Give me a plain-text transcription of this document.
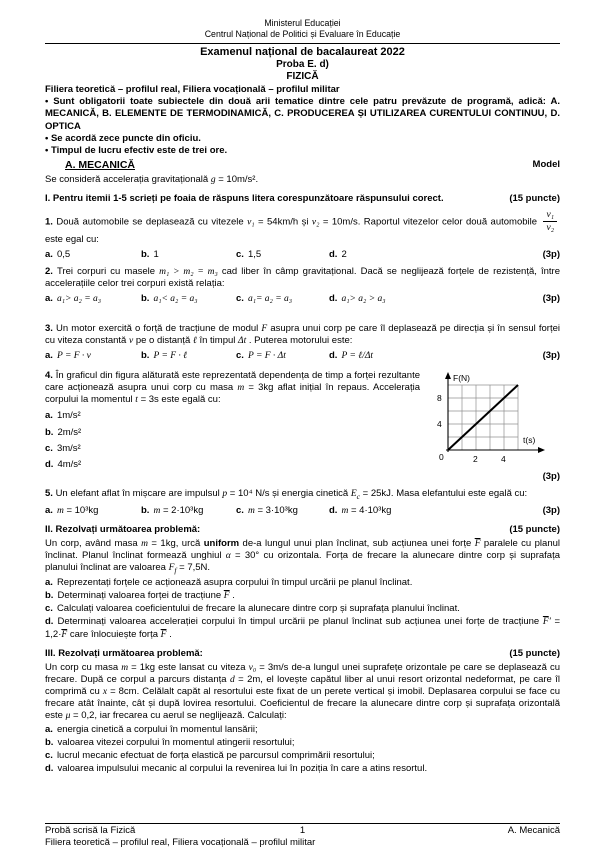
Ministerul Educației
Centrul Național de Politici și Evaluare în Educație
Examenul național de bacalaureat 2022
Proba E. d)
FIZICĂ
Filiera teoretică – profilul real, Filiera vocațională – profilul militar
• Sunt obligatorii toate subiectele din două arii tematice dintre cele patru prevăzute de programă, adică: A. MECANICĂ, B. ELEMENTE DE TERMODINAMICĂ, C. PRODUCEREA ȘI UTILIZAREA CURENTULUI CONTINUU, D. OPTICA
• Se acordă zece puncte din oficiu.
• Timpul de lucru efectiv este de trei ore.
A. MECANICĂ	Model
Se consideră accelerația gravitațională g = 10m/s².
I. Pentru itemii 1-5 scrieți pe foaia de răspuns litera corespunzătoare răspunsului corect.	(15 puncte)
1. Două automobile se deplasează cu vitezele v₁ = 54km/h și v₂ = 10m/s. Raportul vitezelor celor două automobile $\frac{\text{v₁}}{\text{v₂}}$
este egal cu:
a. 0,5	b. 1	c. 1,5	d. 2	(3p)
2. Trei corpuri cu masele m₁ > m₂ = m₃ cad liber în câmp gravitațional. Dacă se neglijează forțele de rezistență, între accelerațiile celor trei corpuri există relația:
a. a₁> a₂ = a₃	b. a₁< a₂ = a₃	c. a₁= a₂ = a₃	d. a₁> a₂ > a₃	(3p)
3. Un motor exercită o forță de tracțiune de modul F asupra unui corp pe care îl deplasează pe direcția și în sensul forței cu viteza constantă v pe o distanță ℓ în timpul Δt . Puterea motorului este:
a. P = F · v	b. P = F · ℓ	c. P = F · Δt	d. P = ℓ/Δt	(3p)
4. În graficul din figura alăturată este reprezentată dependența de timp a forței rezultante care acționează asupra unui corp cu masa m = 3kg aflat inițial în repaus. Accelerația corpului la momentul t = 3s este egală cu:
a. 1m/s²
b. 2m/s²
c. 3m/s²
d. 4m/s²
F(N)
t(s)
0	2	4
4
8
(3p)
5. Un elefant aflat în mișcare are impulsul p = 10⁴ N/s și energia cinetică $E_c = 25kJ$. Masa elefantului este egală cu:
a. m = 10³kg	b. m = 2·10³kg	c. m = 3·10³kg	d. m = 4·10³kg	(3p)
II. Rezolvați următoarea problemă:	(15 puncte)
Un corp, având masa m = 1kg, urcă uniform de-a lungul unui plan înclinat, sub acțiunea unei forțe $\overline{F}$ paralele cu planul înclinat. Planul înclinat formează unghiul α = 30° cu orizontala. Forța de frecare la alunecare dintre corp și suprafața planului înclinat are valoarea $F_f = 7,5N$.
a. Reprezentați forțele ce acționează asupra corpului în timpul urcării pe planul înclinat.
b. Determinați valoarea forței de tracțiune $\overline{F}$ .
c. Calculați valoarea coeficientului de frecare la alunecare dintre corp și suprafața planului înclinat.
d. Determinați valoarea accelerației corpului în timpul urcării pe planul înclinat sub acțiunea unei forțe de tracțiune $\overline{F}' = 1,2\cdot\overline{F}$ care înlocuiește forța $\overline{F}$ .
III. Rezolvați următoarea problemă:	(15 puncte)
Un corp cu masa m = 1kg este lansat cu viteza v₀ = 3m/s de-a lungul unei suprafețe orizontale pe care se deplasează cu frecare. După ce corpul a parcurs distanța d = 2m, el lovește capătul liber al unui resort orizontal nedeformat, pe care îl comprimă cu x = 8cm. Celălalt capăt al resortului este fixat de un perete vertical și imobil. Deplasarea corpului se face cu frecare atât înainte, cât și după lovirea resortului. Coeficientul de frecare la alunecare dintre corp și suprafața orizontală este μ = 0,2, iar frecarea cu aerul se neglijează. Calculați:
a. energia cinetică a corpului în momentul lansării;
b. valoarea vitezei corpului în momentul atingerii resortului;
c. lucrul mecanic efectuat de forța elastică pe parcursul comprimării resortului;
d. valoarea impulsului mecanic al corpului la revenirea lui în poziția în care a atins resortul.
Probă scrisă la Fizică	1	A. Mecanică
Filiera teoretică – profilul real, Filiera vocațională – profilul militar
